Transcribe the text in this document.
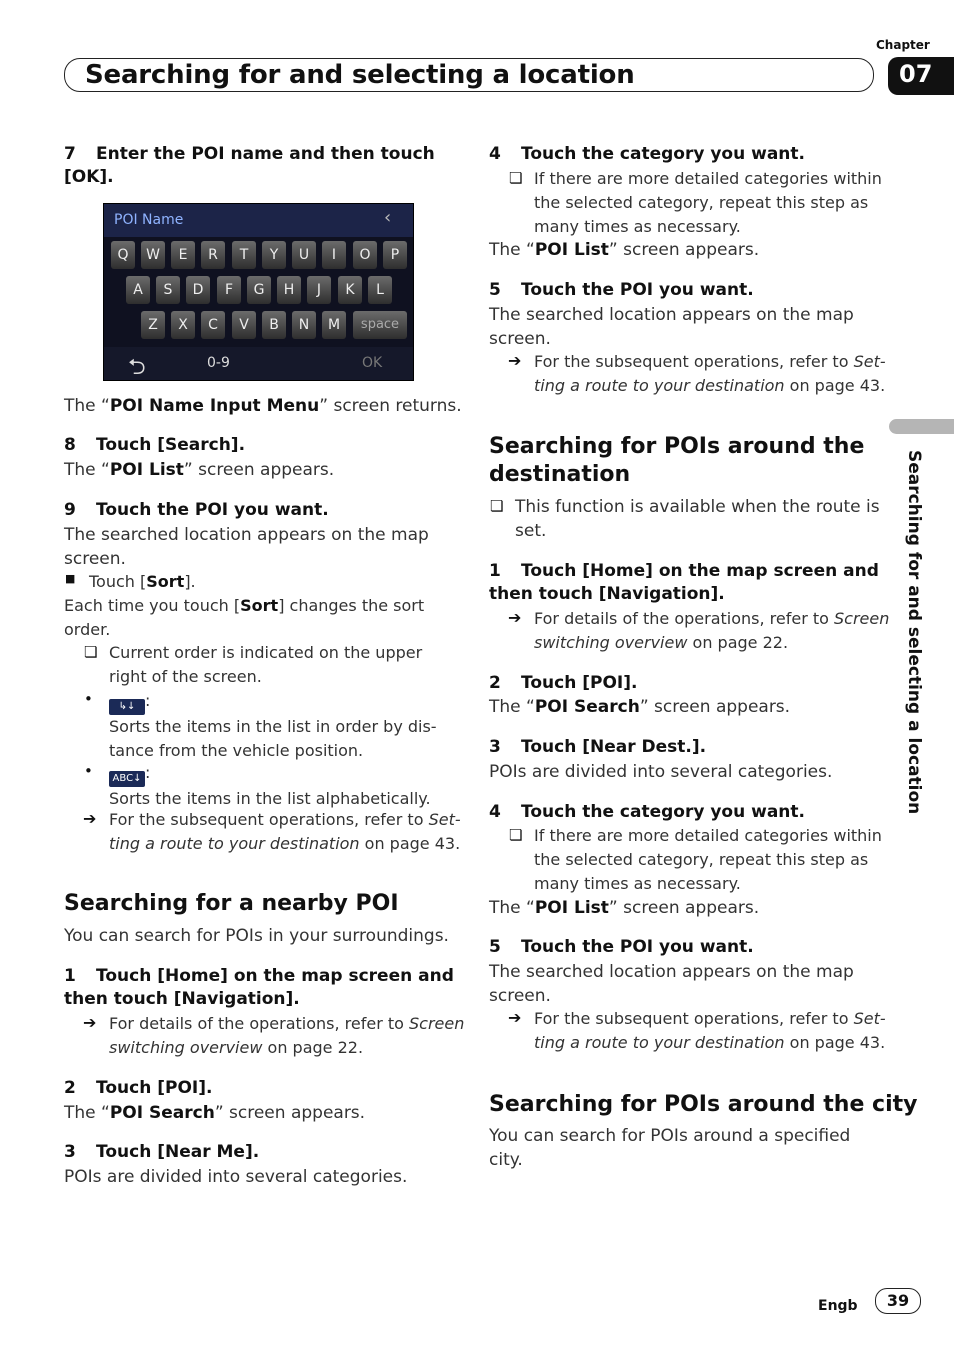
Chapter
Searching for and selecting a location	07
Searching for and selecting a location
7 Enter the POI name and then touch
[OK].
POI Name	‹
Q	W	E	R	T	Y	U	I	O	P
A	S	D	F	G	H	J	K	L
Z	X	C	V	B	N	M	space
⮌	0-9	OK
The “POI Name Input Menu” screen returns.
8 Touch [Search].
The “POI List” screen appears.
9 Touch the POI you want.
The searched location appears on the map
screen.
■ Touch [Sort].
Each time you touch [Sort] changes the sort
order.
❏ Current order is indicated on the upper
right of the screen.
•	↳↓ :
Sorts the items in the list in order by dis-
tance from the vehicle position.
•	ABC↓ :
Sorts the items in the list alphabetically.
➔ For the subsequent operations, refer to Set-
ting a route to your destination on page 43.
Searching for a nearby POI
You can search for POIs in your surroundings.
1 Touch [Home] on the map screen and
then touch [Navigation].
➔ For details of the operations, refer to Screen
switching overview on page 22.
2 Touch [POI].
The “POI Search” screen appears.
3 Touch [Near Me].
POIs are divided into several categories.
4 Touch the category you want.
❏ If there are more detailed categories within
the selected category, repeat this step as
many times as necessary.
The “POI List” screen appears.
5 Touch the POI you want.
The searched location appears on the map
screen.
➔ For the subsequent operations, refer to Set-
ting a route to your destination on page 43.
Searching for POIs around the
destination
❏ This function is available when the route is
set.
1 Touch [Home] on the map screen and
then touch [Navigation].
➔ For details of the operations, refer to Screen
switching overview on page 22.
2 Touch [POI].
The “POI Search” screen appears.
3 Touch [Near Dest.].
POIs are divided into several categories.
4 Touch the category you want.
❏ If there are more detailed categories within
the selected category, repeat this step as
many times as necessary.
The “POI List” screen appears.
5 Touch the POI you want.
The searched location appears on the map
screen.
➔ For the subsequent operations, refer to Set-
ting a route to your destination on page 43.
Searching for POIs around the city
You can search for POIs around a specified
city.
Engb	39
